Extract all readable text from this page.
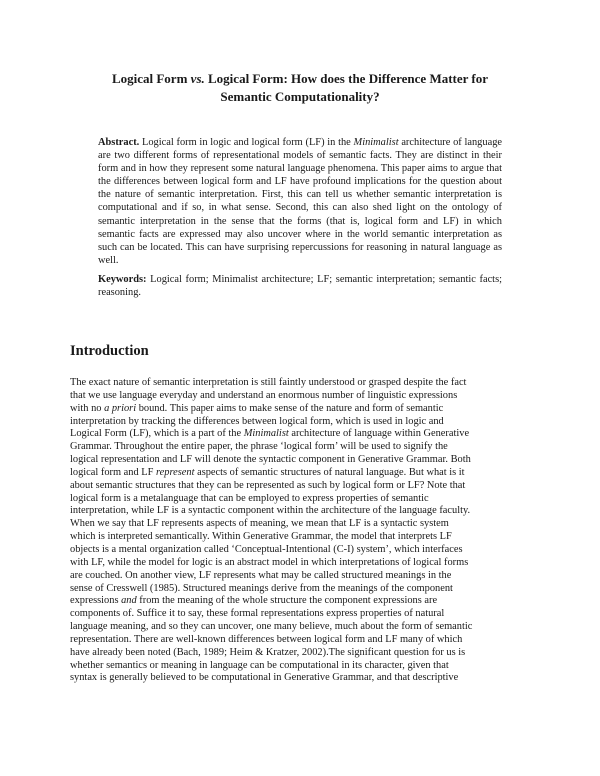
Logical Form vs. Logical Form: How does the Difference Matter for
Semantic Computationality?

Abstract. Logical form in logic and logical form (LF) in the Minimalist architecture of language are two different forms of representational models of semantic facts. They are distinct in their form and in how they represent some natural language phenomena. This paper aims to argue that the differences between logical form and LF have profound implications for the question about the nature of semantic interpretation. First, this can tell us whether semantic interpretation is computational and if so, in what sense. Second, this can also shed light on the ontology of semantic interpretation in the sense that the forms (that is, logical form and LF) in which semantic facts are expressed may also uncover where in the world semantic interpretation as such can be located. This can have surprising repercussions for reasoning in natural language as well.

Keywords: Logical form; Minimalist architecture; LF; semantic interpretation; semantic facts; reasoning.

Introduction
The exact nature of semantic interpretation is still faintly understood or grasped despite the fact
that we use language everyday and understand an enormous number of linguistic expressions
with no a priori bound. This paper aims to make sense of the nature and form of semantic
interpretation by tracking the differences between logical form, which is used in logic and
Logical Form (LF), which is a part of the Minimalist architecture of language within Generative
Grammar. Throughout the entire paper, the phrase ‘logical form’ will be used to signify the
logical representation and LF will denote the syntactic component in Generative Grammar. Both
logical form and LF represent aspects of semantic structures of natural language. But what is it
about semantic structures that they can be represented as such by logical form or LF? Note that
logical form is a metalanguage that can be employed to express properties of semantic
interpretation, while LF is a syntactic component within the architecture of the language faculty.
When we say that LF represents aspects of meaning, we mean that LF is a syntactic system
which is interpreted semantically. Within Generative Grammar, the model that interprets LF
objects is a mental organization called ‘Conceptual-Intentional (C-I) system’, which interfaces
with LF, while the model for logic is an abstract model in which interpretations of logical forms
are couched. On another view, LF represents what may be called structured meanings in the
sense of Cresswell (1985). Structured meanings derive from the meanings of the component
expressions and from the meaning of the whole structure the component expressions are
components of. Suffice it to say, these formal representations express properties of natural
language meaning, and so they can uncover, one many believe, much about the form of semantic
representation. There are well-known differences between logical form and LF many of which
have already been noted (Bach, 1989; Heim & Kratzer, 2002).The significant question for us is
whether semantics or meaning in language can be computational in its character, given that
syntax is generally believed to be computational in Generative Grammar, and that descriptive
